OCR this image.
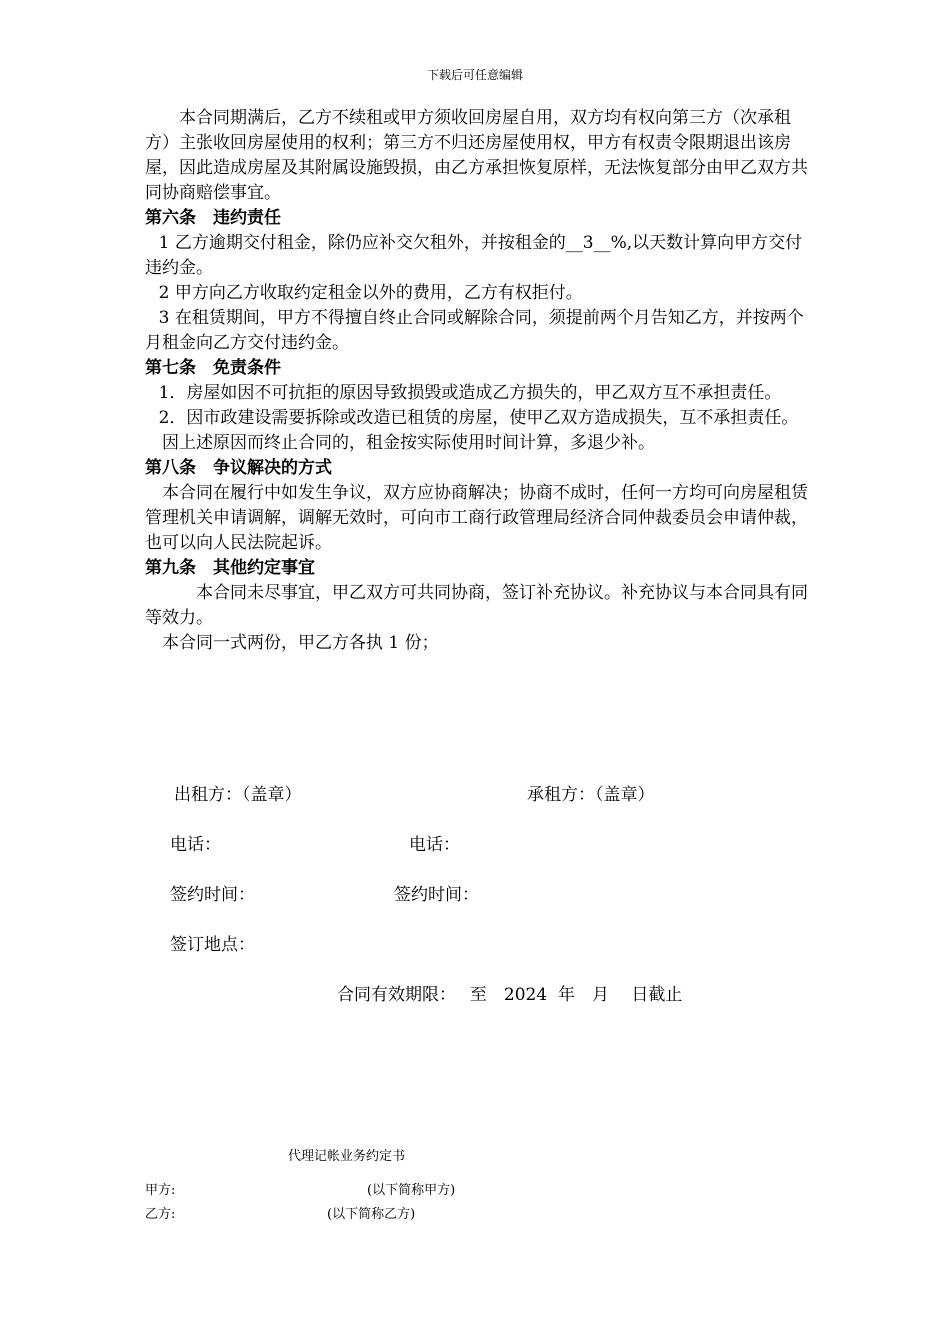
下载后可任意编辑

本合同期满后，乙方不续租或甲方须收回房屋自用，双方均有权向第三方（次承租方）主张收回房屋使用的权利；第三方不归还房屋使用权，甲方有权责令限期退出该房屋，因此造成房屋及其附属设施毁损，由乙方承担恢复原样，无法恢复部分由甲乙双方共同协商赔偿事宜。

第六条　违约责任

1 乙方逾期交付租金，除仍应补交欠租外，并按租金的__3__%,以天数计算向甲方交付违约金。

2 甲方向乙方收取约定租金以外的费用，乙方有权拒付。

3 在租赁期间，甲方不得擅自终止合同或解除合同，须提前两个月告知乙方，并按两个月租金向乙方交付违约金。

第七条　免责条件

1．房屋如因不可抗拒的原因导致损毁或造成乙方损失的，甲乙双方互不承担责任。

2．因市政建设需要拆除或改造已租赁的房屋，使甲乙双方造成损失，互不承担责任。

因上述原因而终止合同的，租金按实际使用时间计算，多退少补。

第八条　争议解决的方式

本合同在履行中如发生争议，双方应协商解决；协商不成时，任何一方均可向房屋租赁管理机关申请调解，调解无效时，可向市工商行政管理局经济合同仲裁委员会申请仲裁，也可以向人民法院起诉。

第九条　其他约定事宜

本合同未尽事宜，甲乙双方可共同协商，签订补充协议。补充协议与本合同具有同等效力。

本合同一式两份，甲乙方各执 1 份；

出租方：（盖章）	承租方：（盖章）
电话：	电话：
签约时间：	签约时间：
签订地点：
合同有效期限：　 至　2024  年　月　 日截止
代理记帐业务约定书
甲方:	(以下简称甲方)
乙方:	(以下简称乙方)
